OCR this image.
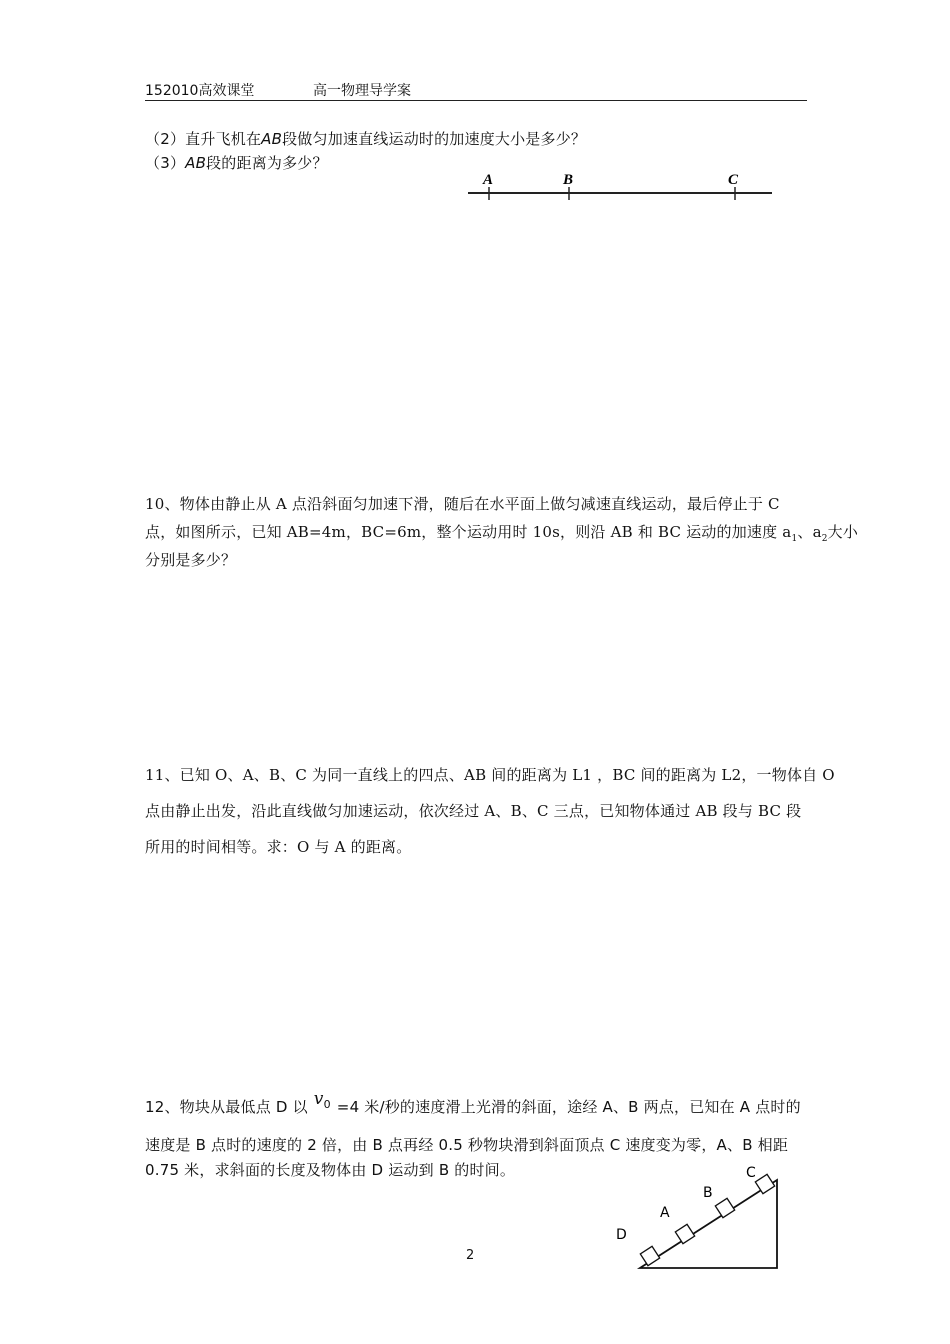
152010高效课堂	高一物理导学案
（2）直升飞机在AB段做匀加速直线运动时的加速度大小是多少？
（3）AB段的距离为多少？
A	B	C
10、物体由静止从 A 点沿斜面匀加速下滑，随后在水平面上做匀减速直线运动，最后停止于 C
点，如图所示，已知 AB=4m，BC=6m，整个运动用时 10s，则沿 AB 和 BC 运动的加速度 $a_1$、$a_2$大小
分别是多少？
11、已知 O、A、B、C 为同一直线上的四点、AB 间的距离为 L1 ，BC 间的距离为 L2，一物体自 O
点由静止出发，沿此直线做匀加速运动，依次经过 A、B、C 三点，已知物体通过 AB 段与 BC 段
所用的时间相等。求：O 与 A 的距离。
12、物块从最低点 D 以 $v_0 =4$ 米/秒的速度滑上光滑的斜面，途经 A、B 两点，已知在 A 点时的
速度是 B 点时的速度的 2 倍，由 B 点再经 0.5 秒物块滑到斜面顶点 C 速度变为零，A、B 相距
0.75 米，求斜面的长度及物体由 D 运动到 B 的时间。
D
A
B
C
2
